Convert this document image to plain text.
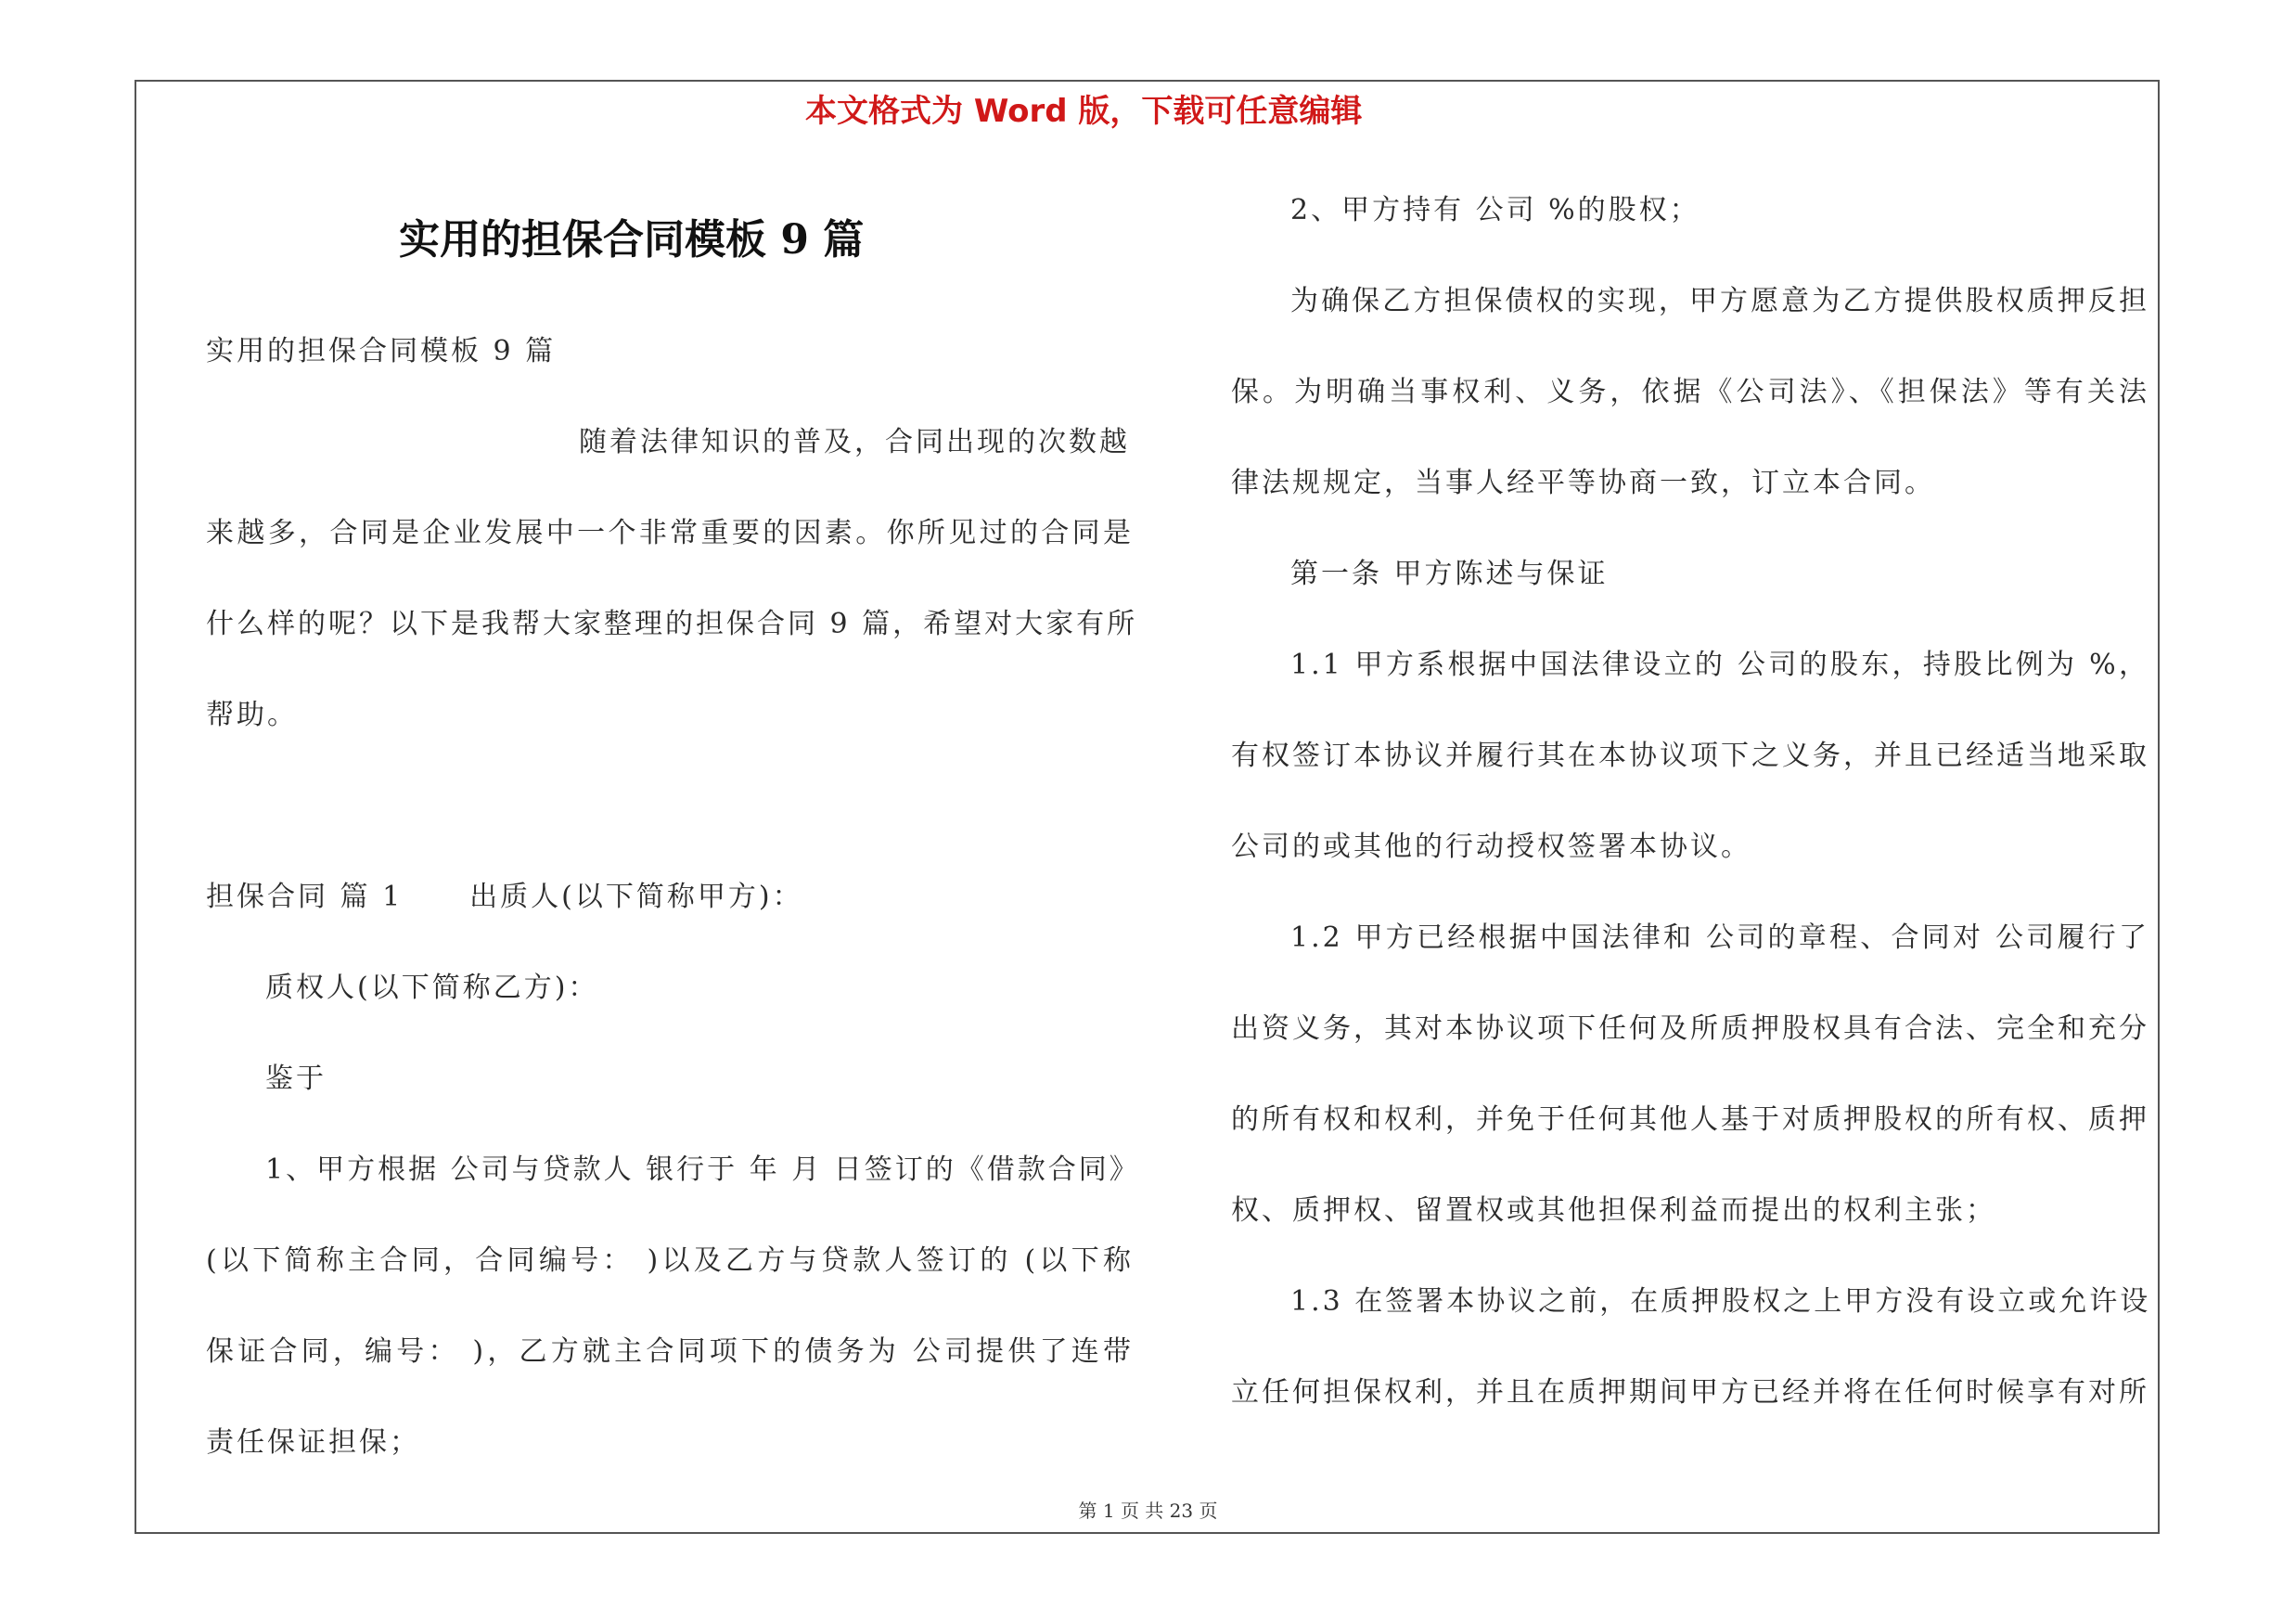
本文格式为 Word 版，下载可任意编辑
实用的担保合同模板 9 篇
实用的担保合同模板 9 篇
随着法律知识的普及，合同出现的次数越
来越多，合同是企业发展中一个非常重要的因素。你所见过的合同是
什么样的呢？以下是我帮大家整理的担保合同 9 篇，希望对大家有所
帮助。
担保合同 篇 1 出质人(以下简称甲方)：
质权人(以下简称乙方)：
鉴于
1、甲方根据 公司与贷款人 银行于 年 月 日签订的《借款合同》
(以下简称主合同，合同编号： )以及乙方与贷款人签订的 (以下称
保证合同，编号： )，乙方就主合同项下的债务为 公司提供了连带
责任保证担保；
2、甲方持有 公司 %的股权；
为确保乙方担保债权的实现，甲方愿意为乙方提供股权质押反担
保。为明确当事权利、义务，依据《公司法》、《担保法》等有关法
律法规规定，当事人经平等协商一致，订立本合同。
第一条 甲方陈述与保证
1.1 甲方系根据中国法律设立的 公司的股东，持股比例为 %，
有权签订本协议并履行其在本协议项下之义务，并且已经适当地采取
公司的或其他的行动授权签署本协议。
1.2 甲方已经根据中国法律和 公司的章程、合同对 公司履行了
出资义务，其对本协议项下任何及所质押股权具有合法、完全和充分
的所有权和权利，并免于任何其他人基于对质押股权的所有权、质押
权、质押权、留置权或其他担保利益而提出的权利主张；
1.3 在签署本协议之前，在质押股权之上甲方没有设立或允许设
立任何担保权利，并且在质押期间甲方已经并将在任何时候享有对所
第 1 页 共 23 页
